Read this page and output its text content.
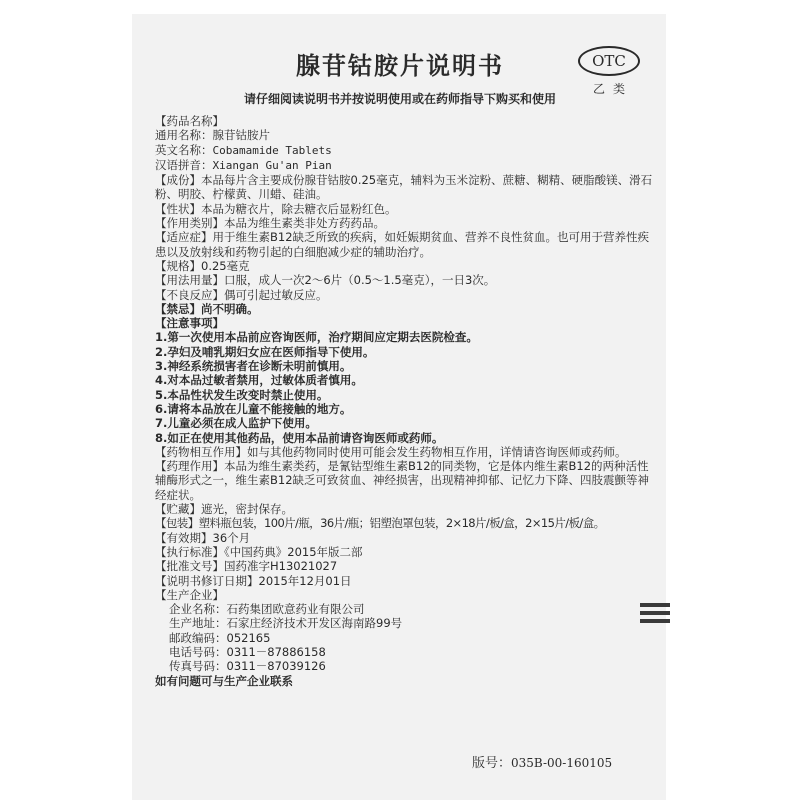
腺苷钴胺片说明书
请仔细阅读说明书并按说明使用或在药师指导下购买和使用
OTC
乙类

【药品名称】

通用名称：腺苷钴胺片

英文名称：Cobamamide Tablets

汉语拼音：Xiangan Gu'an Pian

【成份】本品每片含主要成份腺苷钴胺0.25毫克，辅料为玉米淀粉、蔗糖、糊精、硬脂酸镁、滑石粉、明胶、柠檬黄、川蜡、硅油。

【性状】本品为糖衣片，除去糖衣后显粉红色。

【作用类别】本品为维生素类非处方药药品。

【适应症】用于维生素B12缺乏所致的疾病，如妊娠期贫血、营养不良性贫血。也可用于营养性疾患以及放射线和药物引起的白细胞减少症的辅助治疗。

【规格】0.25毫克

【用法用量】口服，成人一次2～6片（0.5～1.5毫克），一日3次。

【不良反应】偶可引起过敏反应。

【禁忌】尚不明确。

【注意事项】

1.第一次使用本品前应咨询医师，治疗期间应定期去医院检查。

2.孕妇及哺乳期妇女应在医师指导下使用。

3.神经系统损害者在诊断未明前慎用。

4.对本品过敏者禁用，过敏体质者慎用。

5.本品性状发生改变时禁止使用。

6.请将本品放在儿童不能接触的地方。

7.儿童必须在成人监护下使用。

8.如正在使用其他药品，使用本品前请咨询医师或药师。

【药物相互作用】如与其他药物同时使用可能会发生药物相互作用，详情请咨询医师或药师。

【药理作用】本品为维生素类药，是氰钴型维生素B12的同类物，它是体内维生素B12的两种活性辅酶形式之一，维生素B12缺乏可致贫血、神经损害，出现精神抑郁、记忆力下降、四肢震颤等神经症状。

【贮藏】遮光，密封保存。

【包装】塑料瓶包装，100片/瓶，36片/瓶；铝塑泡罩包装，2×18片/板/盒，2×15片/板/盒。

【有效期】36个月

【执行标准】《中国药典》2015年版二部

【批准文号】国药准字H13021027

【说明书修订日期】2015年12月01日

【生产企业】

企业名称：石药集团欧意药业有限公司

生产地址：石家庄经济技术开发区海南路99号

邮政编码：052165

电话号码：0311－87886158

传真号码：0311－87039126

如有问题可与生产企业联系

版号：035B-00-160105
